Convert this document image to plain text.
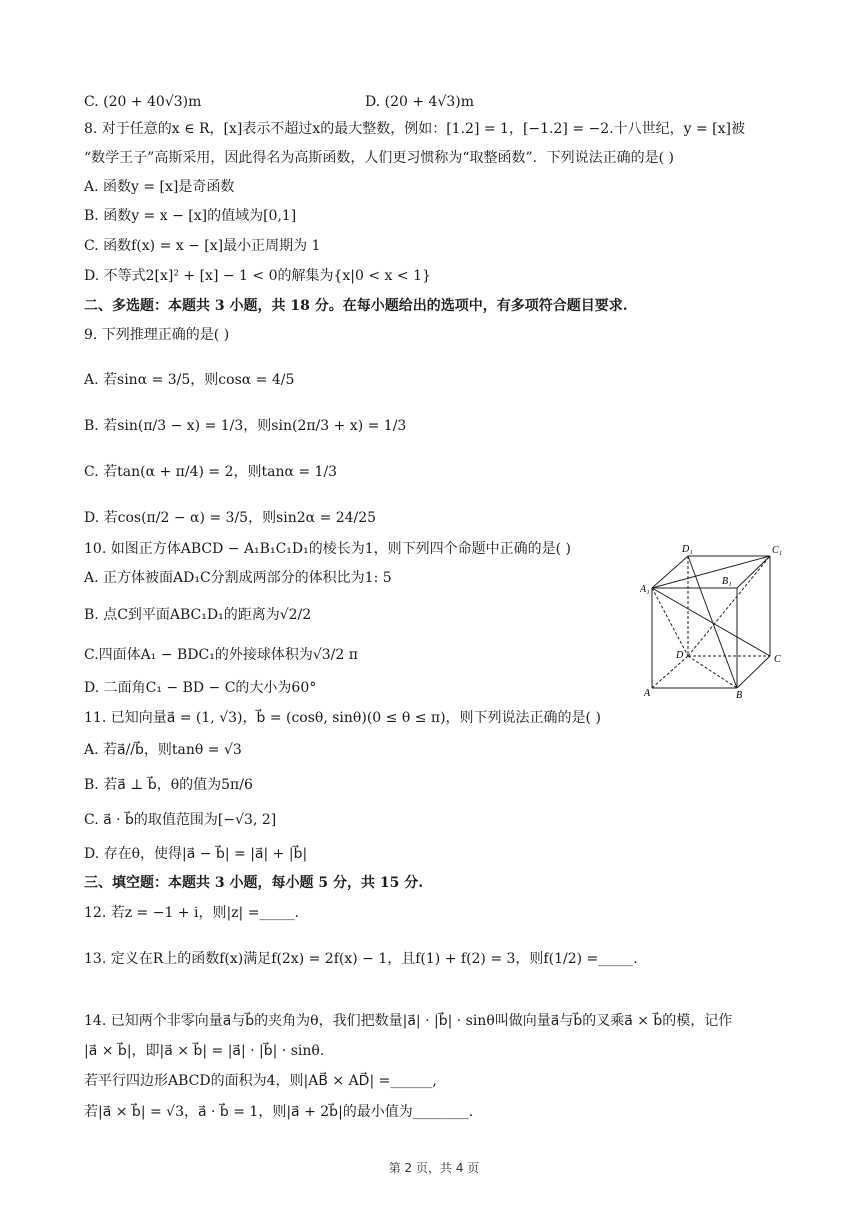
C. (20 + 40√3)m	D. (20 + 4√3)m
8. 对于任意的x ∈ R，[x]表示不超过x的最大整数，例如：[1.2] = 1，[−1.2] = −2.十八世纪，y = [x]被
“数学王子”高斯采用，因此得名为高斯函数，人们更习惯称为“取整函数”．下列说法正确的是( )
A. 函数y = [x]是奇函数
B. 函数y = x − [x]的值域为[0,1]
C. 函数f(x) = x − [x]最小正周期为 1
D. 不等式2[x]² + [x] − 1 < 0的解集为{x|0 < x < 1}
二、多选题：本题共 3 小题，共 18 分。在每小题给出的选项中，有多项符合题目要求.
9. 下列推理正确的是( )
A. 若sinα = 3/5，则cosα = 4/5
B. 若sin(π/3 − x) = 1/3，则sin(2π/3 + x) = 1/3
C. 若tan(α + π/4) = 2，则tanα = 1/3
D. 若cos(π/2 − α) = 3/5，则sin2α = 24/25
10. 如图正方体ABCD − A₁B₁C₁D₁的棱长为1，则下列四个命题中正确的是( )
A. 正方体被面AD₁C分割成两部分的体积比为1: 5
B. 点C到平面ABC₁D₁的距离为√2/2
C.四面体A₁ − BDC₁的外接球体积为√3/2 π
D. 二面角C₁ − BD − C的大小为60°
11. 已知向量a⃗ = (1, √3)，b⃗ = (cosθ, sinθ)(0 ≤ θ ≤ π)，则下列说法正确的是( )
A. 若a⃗//b⃗，则tanθ = √3
B. 若a⃗ ⊥ b⃗，θ的值为5π/6
C. a⃗ · b⃗的取值范围为[−√3, 2]
D. 存在θ，使得|a⃗ − b⃗| = |a⃗| + |b⃗|
三、填空题：本题共 3 小题，每小题 5 分，共 15 分.
12. 若z = −1 + i，则|z| =_____.
13. 定义在R上的函数f(x)满足f(2x) = 2f(x) − 1，且f(1) + f(2) = 3，则f(1/2) =_____.
14. 已知两个非零向量a⃗与b⃗的夹角为θ，我们把数量|a⃗| · |b⃗| · sinθ叫做向量a⃗与b⃗的叉乘a⃗ × b⃗的模，记作
|a⃗ × b⃗|，即|a⃗ × b⃗| = |a⃗| · |b⃗| · sinθ.
若平行四边形ABCD的面积为4，则|AB⃗ × AD⃗| =______,
若|a⃗ × b⃗| = √3，a⃗ · b⃗ = 1，则|a⃗ + 2b⃗|的最小值为________.
D₁	C₁
A₁
B₁
D	C
A	B
第 2 页，共 4 页
